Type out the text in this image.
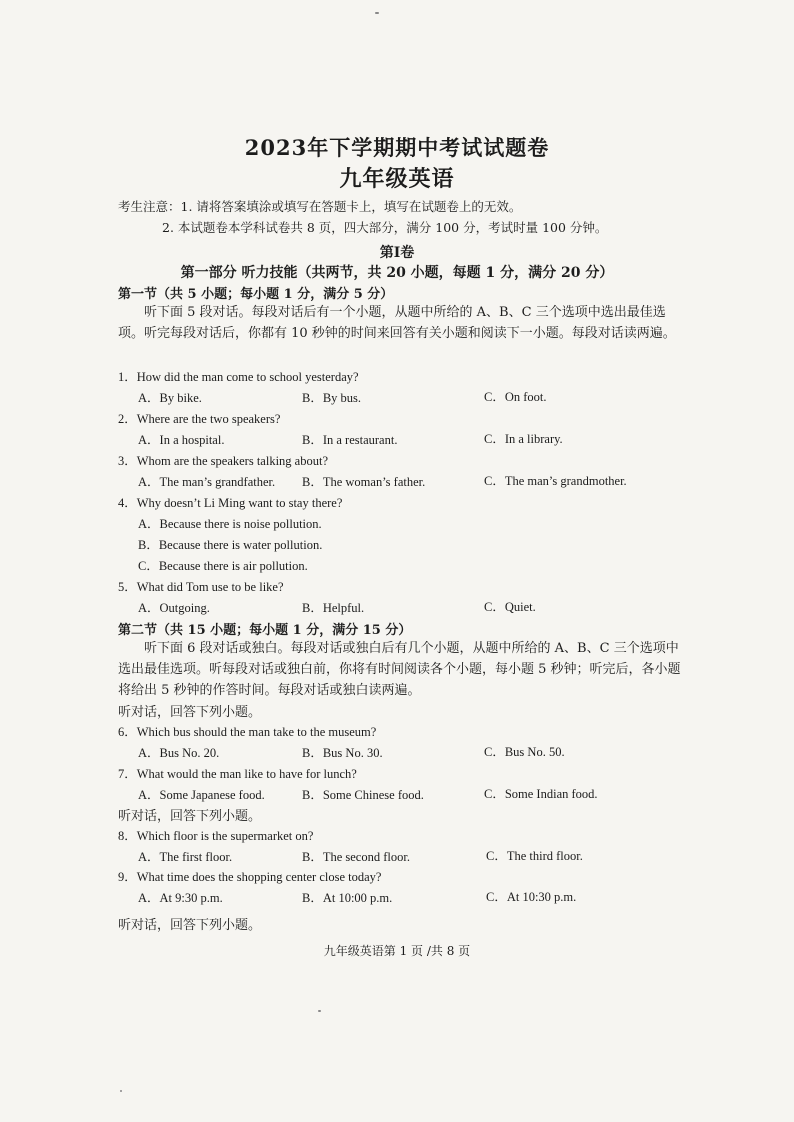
2023年下学期期中考试试题卷
九年级英语
考生注意：1. 请将答案填涂或填写在答题卡上，填写在试题卷上的无效。
2. 本试题卷本学科试卷共 8 页，四大部分，满分 100 分，考试时量 100 分钟。
第Ⅰ卷
第一部分 听力技能（共两节，共 20 小题，每题 1 分，满分 20 分）
第一节（共 5 小题；每小题 1 分，满分 5 分）
听下面 5 段对话。每段对话后有一个小题，从题中所给的 A、B、C 三个选项中选出最佳选项。听完每段对话后，你都有 10 秒钟的时间来回答有关小题和阅读下一小题。每段对话读两遍。
1．How did the man come to school yesterday?
A．By bike.	B．By bus.	C．On foot.
2．Where are the two speakers?
A．In a hospital.	B．In a restaurant.	C．In a library.
3．Whom are the speakers talking about?
A．The man’s grandfather. B．The woman’s father.	C．The man’s grandmother.
4．Why doesn’t Li Ming want to stay there?
A．Because there is noise pollution.
B．Because there is water pollution.
C．Because there is air pollution.
5．What did Tom use to be like?
A．Outgoing.	B．Helpful.	C．Quiet.
第二节（共 15 小题；每小题 1 分，满分 15 分）
听下面 6 段对话或独白。每段对话或独白后有几个小题，从题中所给的 A、B、C 三个选项中选出最佳选项。听每段对话或独白前，你将有时间阅读各个小题，每小题 5 秒钟；听完后，各小题将给出 5 秒钟的作答时间。每段对话或独白读两遍。
听对话，回答下列小题。
6．Which bus should the man take to the museum?
A．Bus No. 20.	B．Bus No. 30.	C．Bus No. 50.
7．What would the man like to have for lunch?
A．Some Japanese food.	B．Some Chinese food.	C．Some Indian food.
听对话，回答下列小题。
8．Which floor is the supermarket on?
A．The first floor.	B．The second floor.	C．The third floor.
9．What time does the shopping center close today?
A．At 9:30 p.m.	B．At 10:00 p.m.	C．At 10:30 p.m.
听对话，回答下列小题。
九年级英语第 1 页 /共 8 页
